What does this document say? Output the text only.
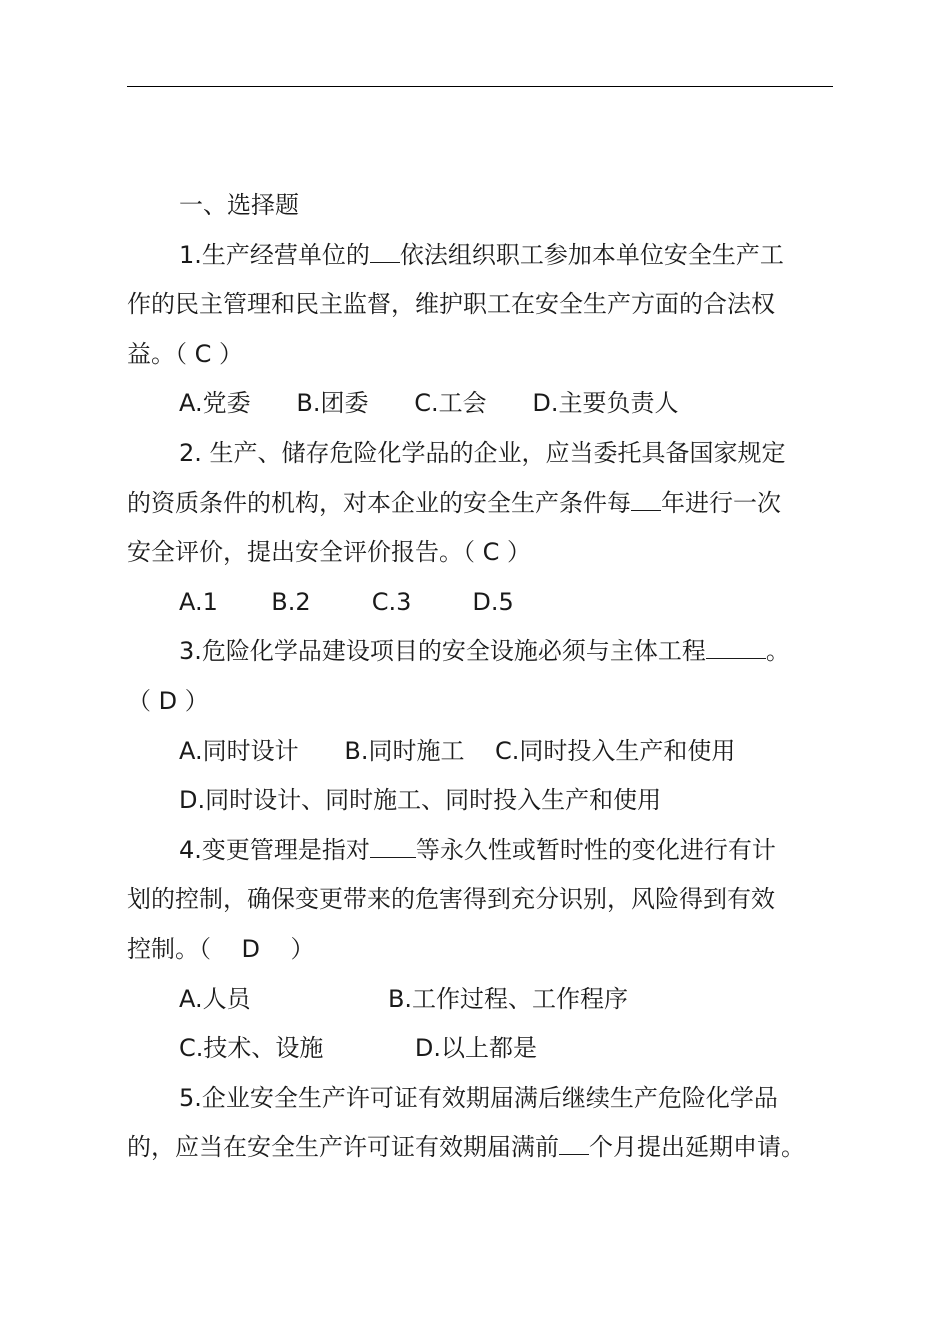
一、选择题
1.生产经营单位的 依法组织职工参加本单位安全生产工
作的民主管理和民主监督，维护职工在安全生产方面的合法权
益。（ C ）
A.党委      B.团委      C.工会      D.主要负责人
2. 生产、储存危险化学品的企业，应当委托具备国家规定
的资质条件的机构，对本企业的安全生产条件每 年进行一次
安全评价，提出安全评价报告。（ C ）
A.1       B.2        C.3        D.5
3.危险化学品建设项目的安全设施必须与主体工程	。
（ D ）
A.同时设计      B.同时施工    C.同时投入生产和使用
D.同时设计、同时施工、同时投入生产和使用
4.变更管理是指对 等永久性或暂时性的变化进行有计
划的控制，确保变更带来的危害得到充分识别，风险得到有效
控制。（    D    ）
A.人员                  B.工作过程、工作程序
C.技术、设施            D.以上都是
5.企业安全生产许可证有效期届满后继续生产危险化学品
的，应当在安全生产许可证有效期届满前 个月提出延期申请。
